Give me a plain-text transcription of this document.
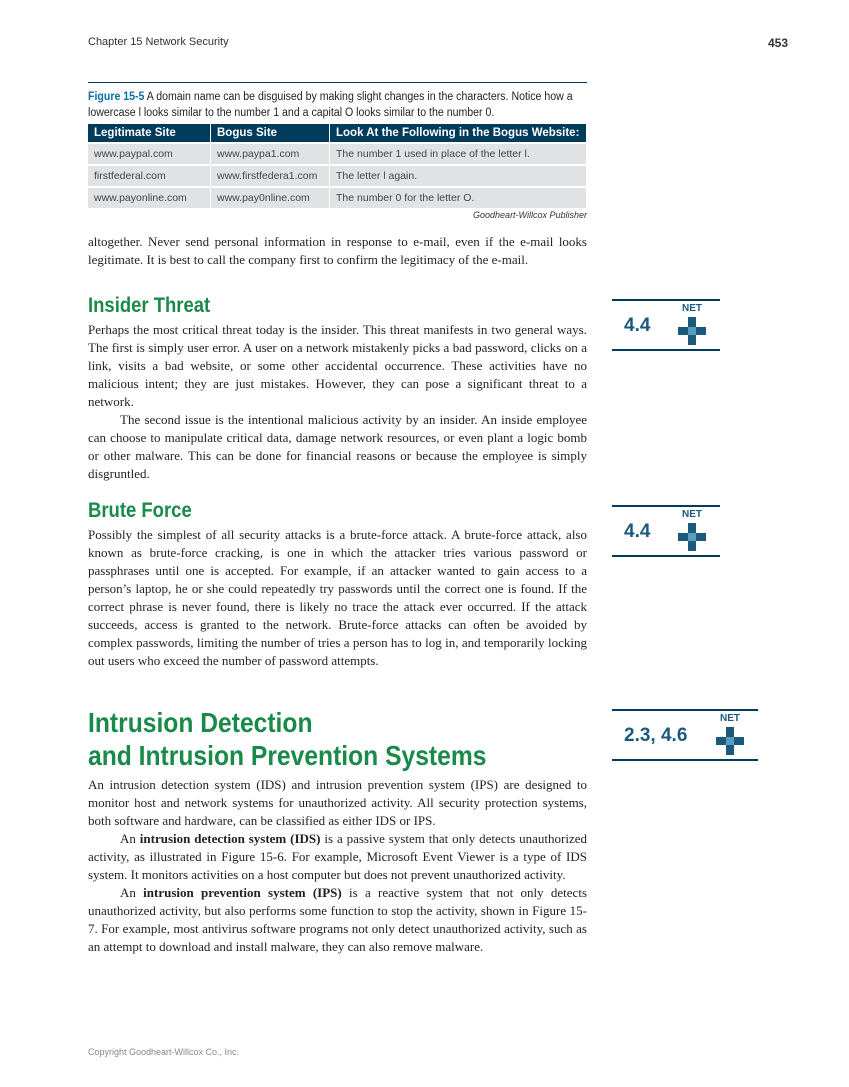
Chapter 15 Network Security	453
Figure 15-5 A domain name can be disguised by making slight changes in the characters. Notice how a lowercase l looks similar to the number 1 and a capital O looks similar to the number 0.
Legitimate Site	Bogus Site	Look At the Following in the Bogus Website:
www.paypal.com	www.paypa1.com	The number 1 used in place of the letter l.
firstfederal.com	www.firstfedera1.com	The letter l again.
www.payonline.com	www.pay0nline.com	The number 0 for the letter O.
Goodheart-Willcox Publisher

altogether. Never send personal information in response to e-mail, even if the e-mail looks legitimate. It is best to call the company first to confirm the legitimacy of the e-mail.

Insider Threat

Perhaps the most critical threat today is the insider. This threat manifests in two general ways. The first is simply user error. A user on a network mistakenly picks a bad password, clicks on a link, visits a bad website, or some other accidental occurrence. These activities have no malicious intent; they are just mistakes. However, they can pose a significant threat to a network.

The second issue is the intentional malicious activity by an insider. An inside employee can choose to manipulate critical data, damage network resources, or even plant a logic bomb or other malware. This can be done for financial reasons or because the employee is simply disgruntled.

Brute Force

Possibly the simplest of all security attacks is a brute-force attack. A brute-force attack, also known as brute-force cracking, is one in which the attacker tries various password or passphrases until one is accepted. For example, if an attacker wanted to gain access to a person’s laptop, he or she could repeatedly try passwords until the correct one is found. If the correct phrase is never found, there is likely no trace the attack ever occurred. If the attack succeeds, access is granted to the network. Brute-force attacks can often be avoided by complex passwords, limiting the number of tries a person has to log in, and temporarily locking out users who exceed the number of password attempts.

Intrusion Detection
and Intrusion Prevention Systems

An intrusion detection system (IDS) and intrusion prevention system (IPS) are designed to monitor host and network systems for unauthorized activity. All security protection systems, both software and hardware, can be classified as either IDS or IPS.

An intrusion detection system (IDS) is a passive system that only detects unauthorized activity, as illustrated in Figure 15-6. For example, Microsoft Event Viewer is a type of IDS system. It monitors activities on a host computer but does not prevent unauthorized activity.

An intrusion prevention system (IPS) is a reactive system that not only detects unauthorized activity, but also performs some function to stop the activity, shown in Figure 15-7. For example, most antivirus software programs not only detect unauthorized activity, such as an attempt to download and install malware, they can also remove malware.

4.4
NET
4.4
NET
2.3, 4.6
NET
Copyright Goodheart-Willcox Co., Inc.
